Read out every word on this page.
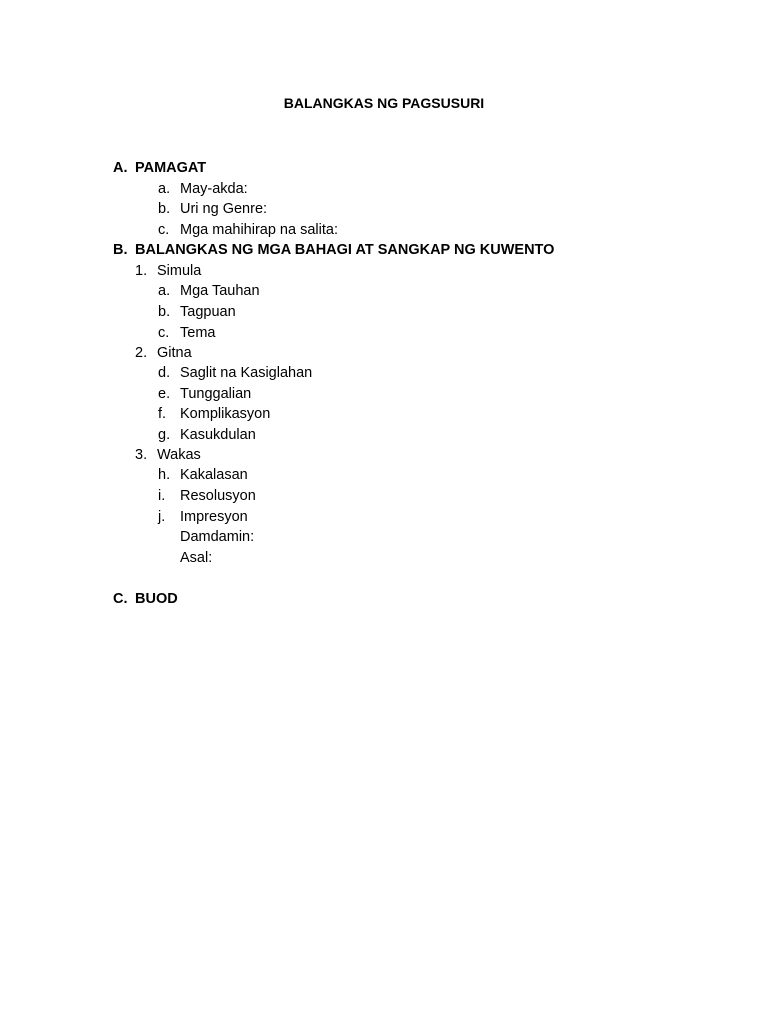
BALANGKAS NG PAGSUSURI
A. PAMAGAT
a. May-akda:
b. Uri ng Genre:
c. Mga mahihirap na salita:
B. BALANGKAS NG MGA BAHAGI AT SANGKAP NG KUWENTO
1. Simula
a. Mga Tauhan
b. Tagpuan
c. Tema
2. Gitna
d. Saglit na Kasiglahan
e. Tunggalian
f. Komplikasyon
g. Kasukdulan
3. Wakas
h. Kakalasan
i. Resolusyon
j. Impresyon
Damdamin:
Asal:
C. BUOD
